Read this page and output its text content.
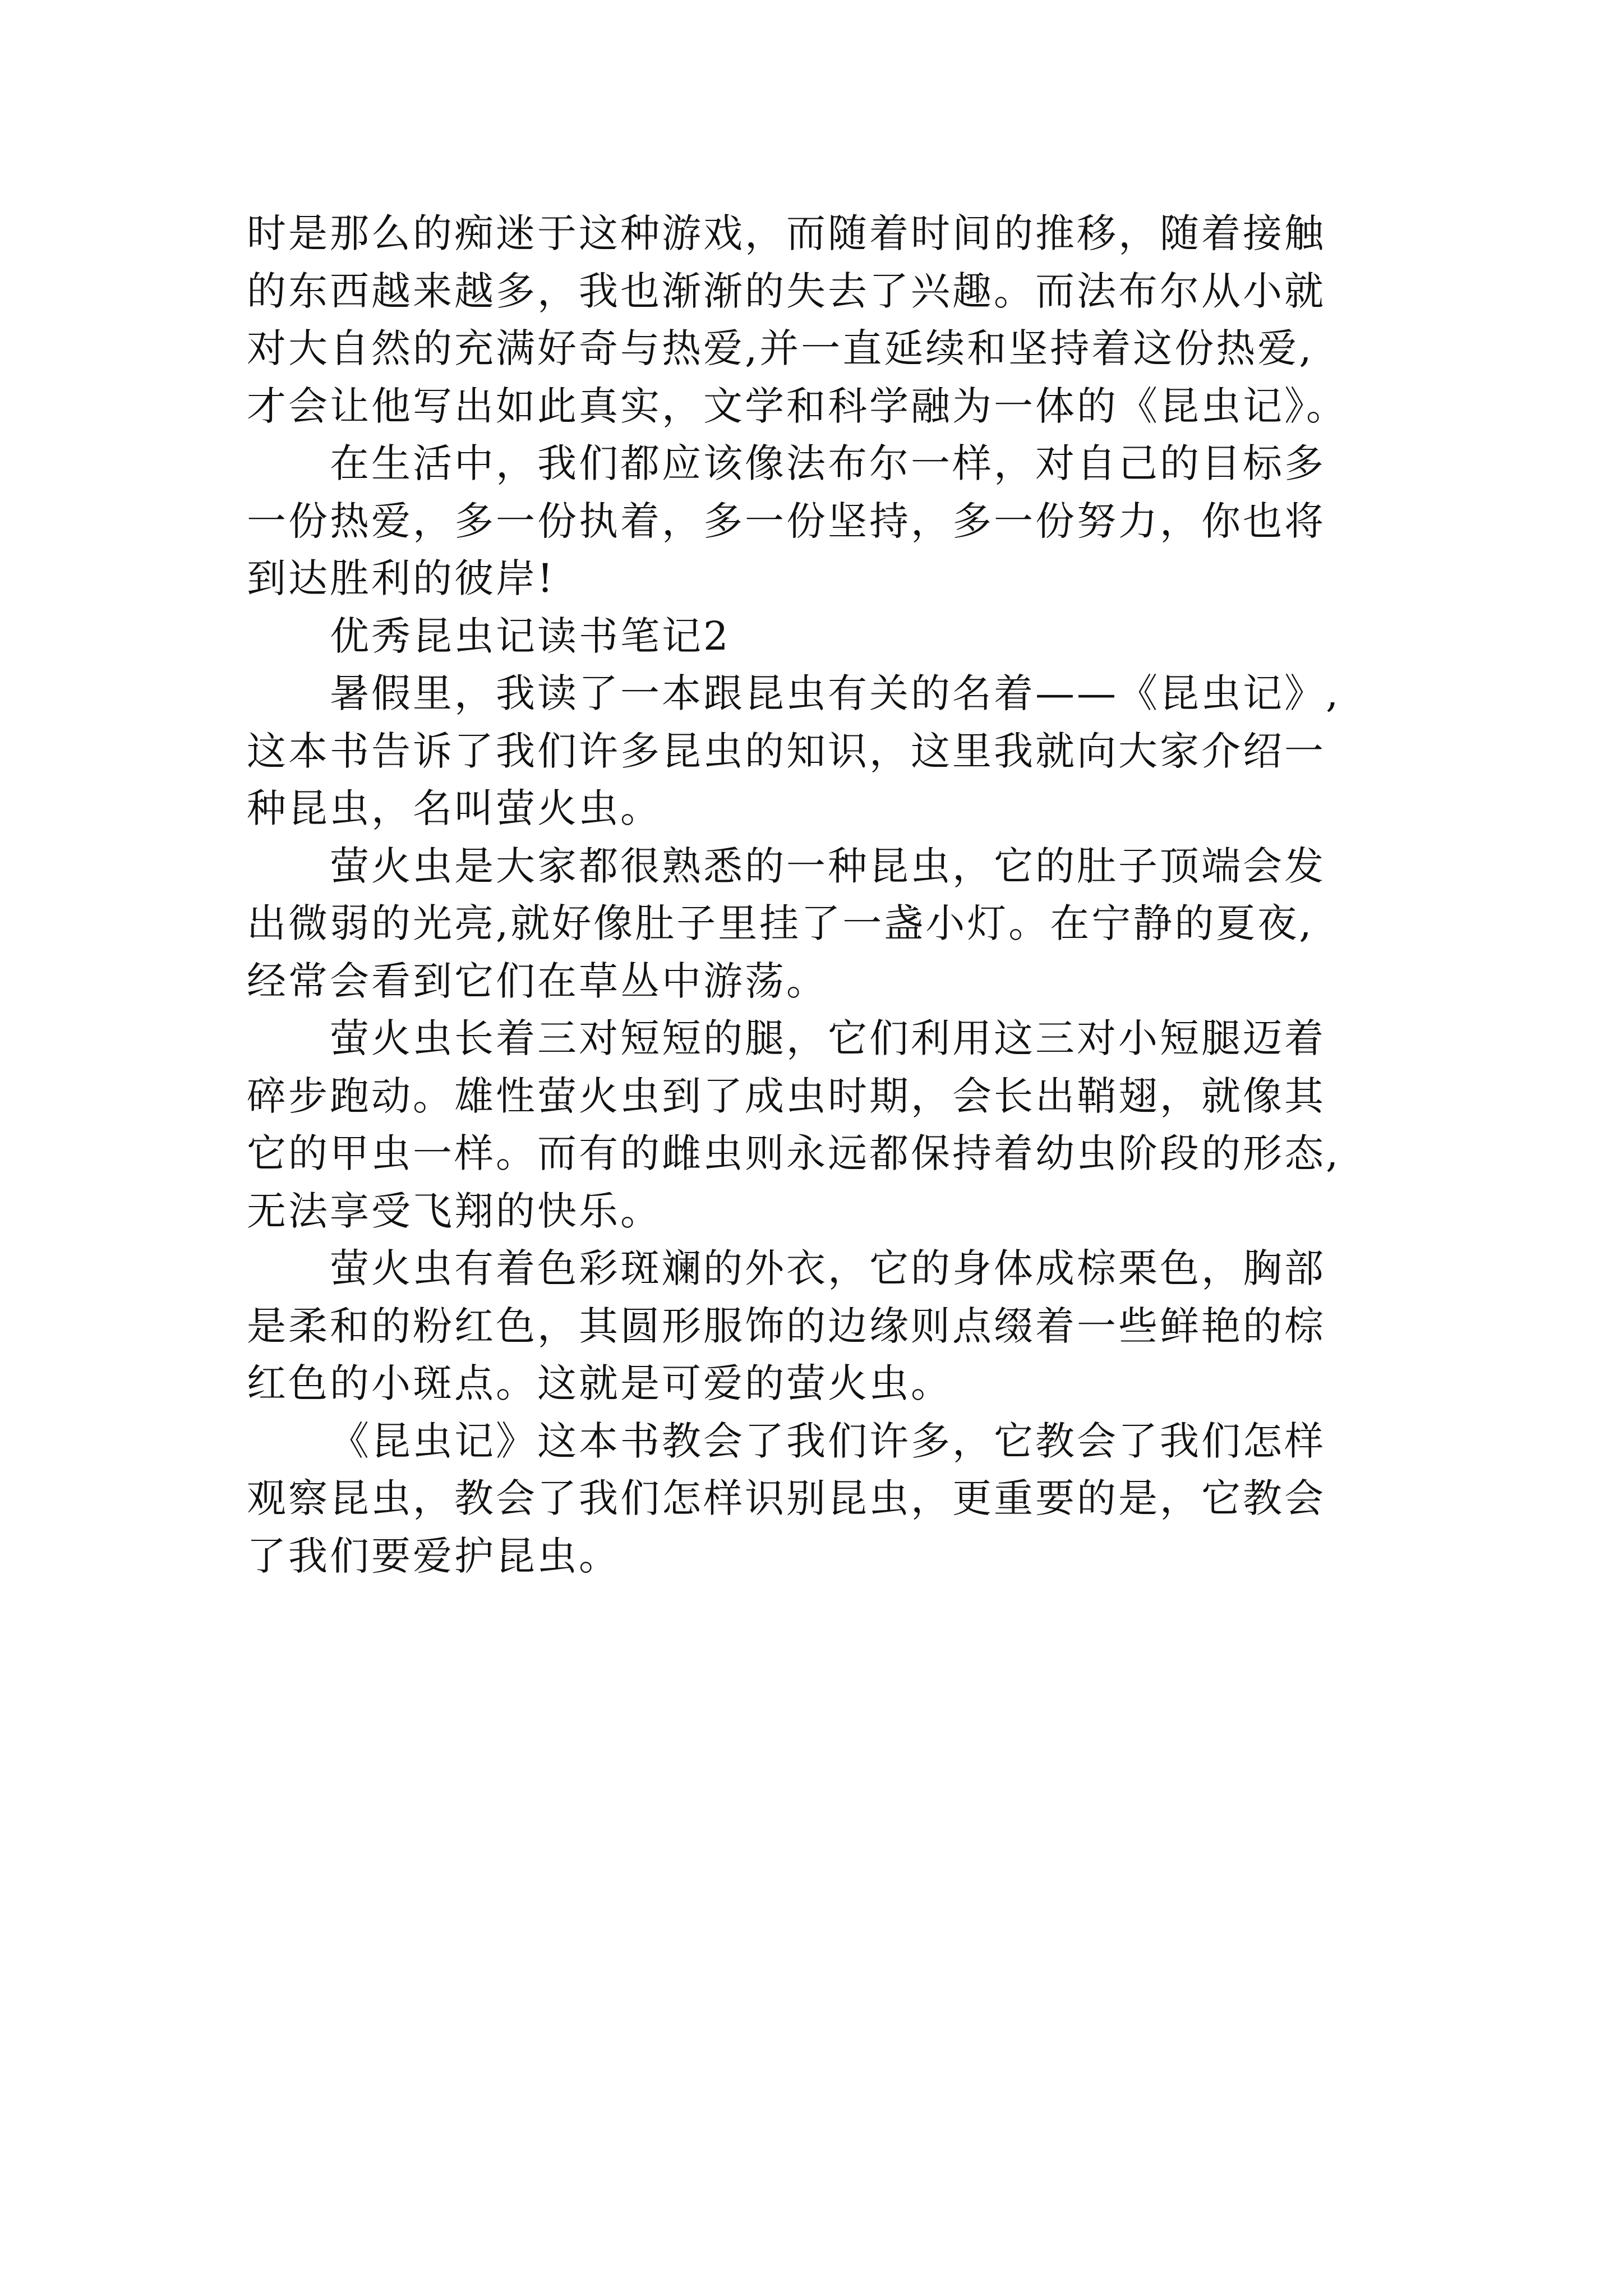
时是那么的痴迷于这种游戏，而随着时间的推移，随着接触

的东西越来越多，我也渐渐的失去了兴趣。而法布尔从小就

对大自然的充满好奇与热爱,并一直延续和坚持着这份热爱,

才会让他写出如此真实，文学和科学融为一体的《昆虫记》。

在生活中，我们都应该像法布尔一样，对自己的目标多

一份热爱，多一份执着，多一份坚持，多一份努力，你也将

到达胜利的彼岸!

优秀昆虫记读书笔记2

暑假里，我读了一本跟昆虫有关的名着——《昆虫记》,

这本书告诉了我们许多昆虫的知识，这里我就向大家介绍一

种昆虫，名叫萤火虫。

萤火虫是大家都很熟悉的一种昆虫，它的肚子顶端会发

出微弱的光亮,就好像肚子里挂了一盏小灯。在宁静的夏夜,

经常会看到它们在草丛中游荡。

萤火虫长着三对短短的腿，它们利用这三对小短腿迈着

碎步跑动。雄性萤火虫到了成虫时期，会长出鞘翅，就像其

它的甲虫一样。而有的雌虫则永远都保持着幼虫阶段的形态,

无法享受飞翔的快乐。

萤火虫有着色彩斑斓的外衣，它的身体成棕栗色，胸部

是柔和的粉红色，其圆形服饰的边缘则点缀着一些鲜艳的棕

红色的小斑点。这就是可爱的萤火虫。

《昆虫记》这本书教会了我们许多，它教会了我们怎样

观察昆虫，教会了我们怎样识别昆虫，更重要的是，它教会

了我们要爱护昆虫。
